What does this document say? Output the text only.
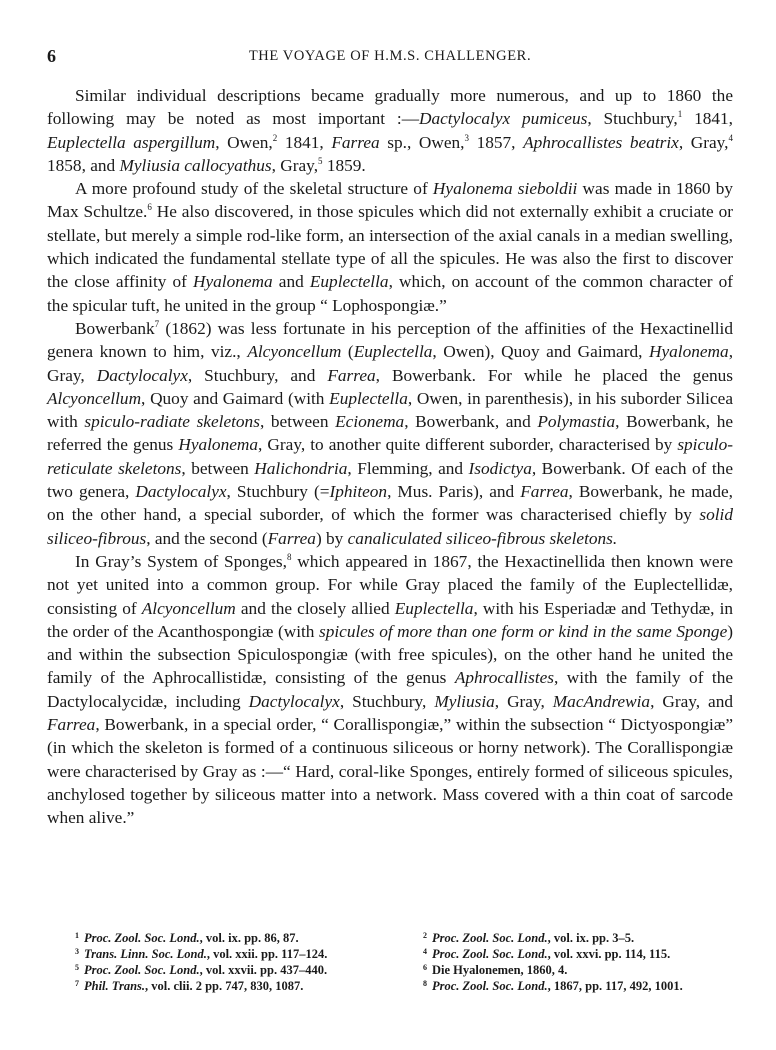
6	THE VOYAGE OF H.M.S. CHALLENGER.

Similar individual descriptions became gradually more numerous, and up to 1860 the following may be noted as most important :—Dactylocalyx pumiceus, Stuchbury,$^1$ 1841, Euplectella aspergillum, Owen,$^2$ 1841, Farrea sp., Owen,$^3$ 1857, Aphrocallistes beatrix, Gray,$^4$ 1858, and Myliusia callocyathus, Gray,$^5$ 1859.

A more profound study of the skeletal structure of Hyalonema sieboldii was made in 1860 by Max Schultze.$^6$ He also discovered, in those spicules which did not externally exhibit a cruciate or stellate, but merely a simple rod-like form, an intersection of the axial canals in a median swelling, which indicated the fundamental stellate type of all the spicules. He was also the first to discover the close affinity of Hyalonema and Euplectella, which, on account of the common character of the spicular tuft, he united in the group “ Lophospongiæ.”

Bowerbank$^7$ (1862) was less fortunate in his perception of the affinities of the Hexactinellid genera known to him, viz., Alcyoncellum (Euplectella, Owen), Quoy and Gaimard, Hyalonema, Gray, Dactylocalyx, Stuchbury, and Farrea, Bowerbank. For while he placed the genus Alcyoncellum, Quoy and Gaimard (with Euplectella, Owen, in parenthesis), in his suborder Silicea with spiculo-radiate skeletons, between Ecionema, Bowerbank, and Polymastia, Bowerbank, he referred the genus Hyalonema, Gray, to another quite different suborder, characterised by spiculo-reticulate skeletons, between Halichondria, Flemming, and Isodictya, Bowerbank. Of each of the two genera, Dactylocalyx, Stuchbury (=Iphiteon, Mus. Paris), and Farrea, Bowerbank, he made, on the other hand, a special suborder, of which the former was characterised chiefly by solid siliceo-fibrous, and the second (Farrea) by canaliculated siliceo-fibrous skeletons.

In Gray’s System of Sponges,$^8$ which appeared in 1867, the Hexactinellida then known were not yet united into a common group. For while Gray placed the family of the Euplectellidæ, consisting of Alcyoncellum and the closely allied Euplectella, with his Esperiadæ and Tethydæ, in the order of the Acanthospongiæ (with spicules of more than one form or kind in the same Sponge) and within the subsection Spiculospongiæ (with free spicules), on the other hand he united the family of the Aphrocallistidæ, consisting of the genus Aphrocallistes, with the family of the Dactylocalycidæ, including Dactylocalyx, Stuchbury, Myliusia, Gray, MacAndrewia, Gray, and Farrea, Bowerbank, in a special order, “ Corallispongiæ,” within the subsection “ Dictyospongiæ” (in which the skeleton is formed of a continuous siliceous or horny network). The Corallispongiæ were characterised by Gray as :—“ Hard, coral-like Sponges, entirely formed of siliceous spicules, anchylosed together by siliceous matter into a network. Mass covered with a thin coat of sarcode when alive.”

$^1$ Proc. Zool. Soc. Lond., vol. ix. pp. 86, 87.	$^2$ Proc. Zool. Soc. Lond., vol. ix. pp. 3–5.
$^3$ Trans. Linn. Soc. Lond., vol. xxii. pp. 117–124.	$^4$ Proc. Zool. Soc. Lond., vol. xxvi. pp. 114, 115.
$^5$ Proc. Zool. Soc. Lond., vol. xxvii. pp. 437–440.	$^6$ Die Hyalonemen, 1860, 4.
$^7$ Phil. Trans., vol. clii. 2 pp. 747, 830, 1087.	$^8$ Proc. Zool. Soc. Lond., 1867, pp. 117, 492, 1001.
